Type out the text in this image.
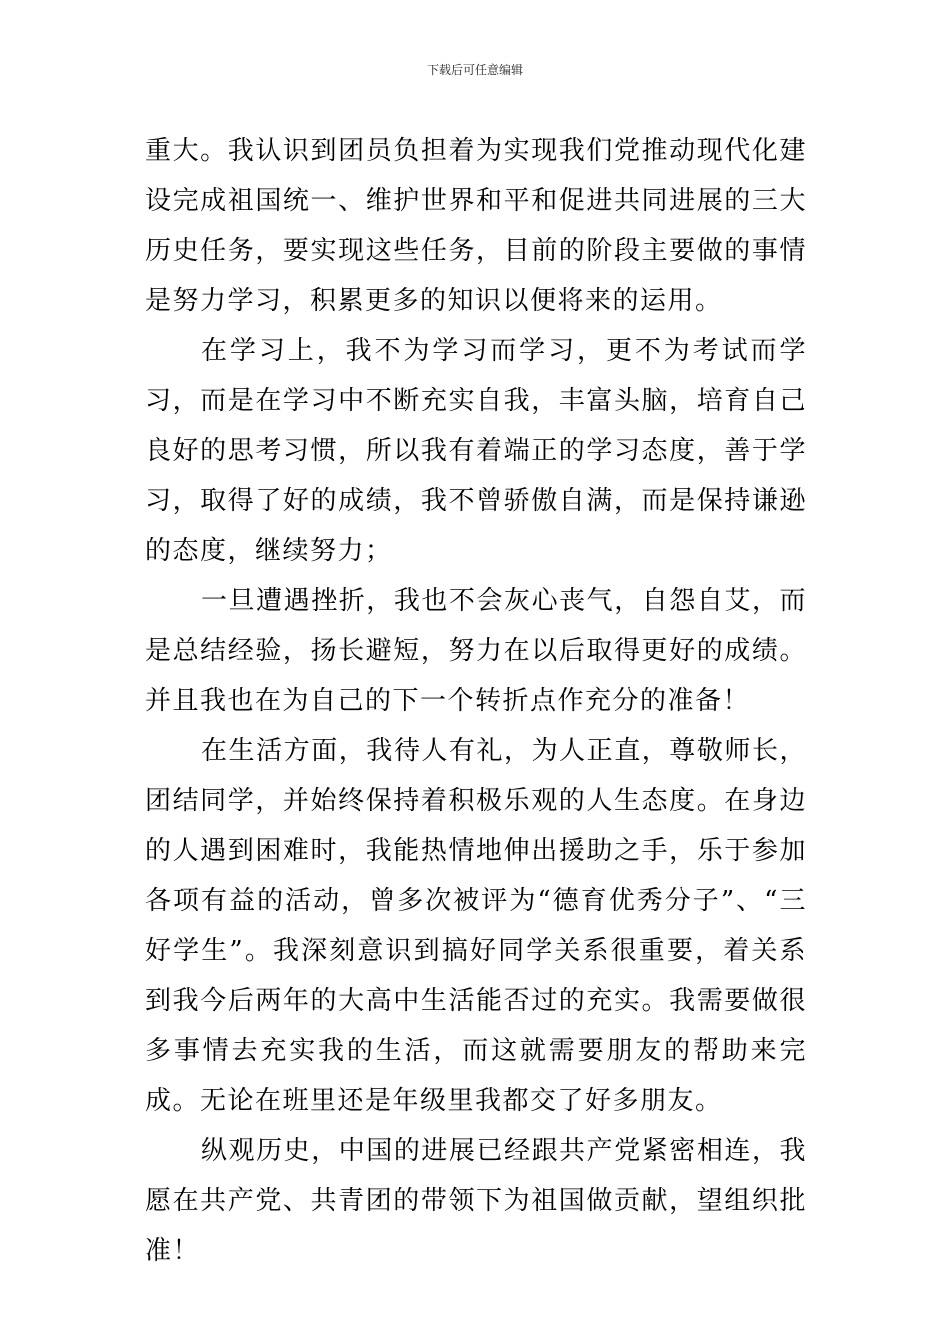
下载后可任意编辑

重大。我认识到团员负担着为实现我们党推动现代化建设完成祖国统一、维护世界和平和促进共同进展的三大历史任务，要实现这些任务，目前的阶段主要做的事情是努力学习，积累更多的知识以便将来的运用。

在学习上，我不为学习而学习，更不为考试而学习，而是在学习中不断充实自我，丰富头脑，培育自己良好的思考习惯，所以我有着端正的学习态度，善于学习，取得了好的成绩，我不曾骄傲自满，而是保持谦逊的态度，继续努力；

一旦遭遇挫折，我也不会灰心丧气，自怨自艾，而是总结经验，扬长避短，努力在以后取得更好的成绩。并且我也在为自己的下一个转折点作充分的准备！

在生活方面，我待人有礼，为人正直，尊敬师长，团结同学，并始终保持着积极乐观的人生态度。在身边的人遇到困难时，我能热情地伸出援助之手，乐于参加各项有益的活动，曾多次被评为“德育优秀分子”、“三好学生”。我深刻意识到搞好同学关系很重要，着关系到我今后两年的大高中生活能否过的充实。我需要做很多事情去充实我的生活，而这就需要朋友的帮助来完成。无论在班里还是年级里我都交了好多朋友。

纵观历史，中国的进展已经跟共产党紧密相连，我愿在共产党、共青团的带领下为祖国做贡献，望组织批准！
